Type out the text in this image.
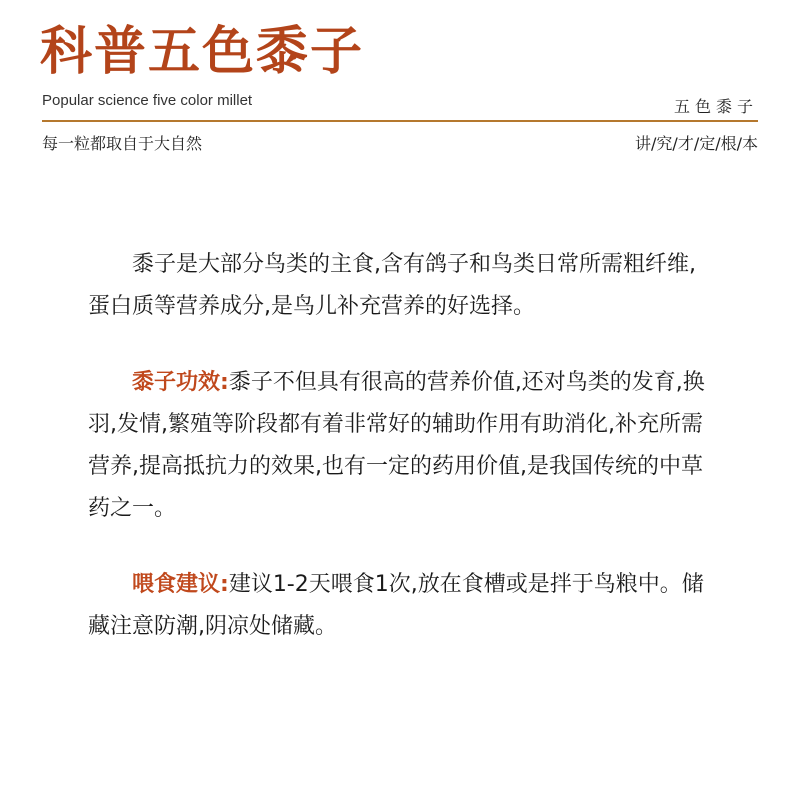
科普五色黍子
Popular science five color millet	五色黍子
每一粒都取自于大自然	讲/究/才/定/根/本

黍子是大部分鸟类的主食,含有鸽子和鸟类日常所需粗纤维,蛋白质等营养成分,是鸟儿补充营养的好选择。

黍子功效:黍子不但具有很高的营养价值,还对鸟类的发育,换羽,发情,繁殖等阶段都有着非常好的辅助作用有助消化,补充所需营养,提高抵抗力的效果,也有一定的药用价值,是我国传统的中草药之一。

喂食建议:建议1-2天喂食1次,放在食槽或是拌于鸟粮中。储藏注意防潮,阴凉处储藏。
